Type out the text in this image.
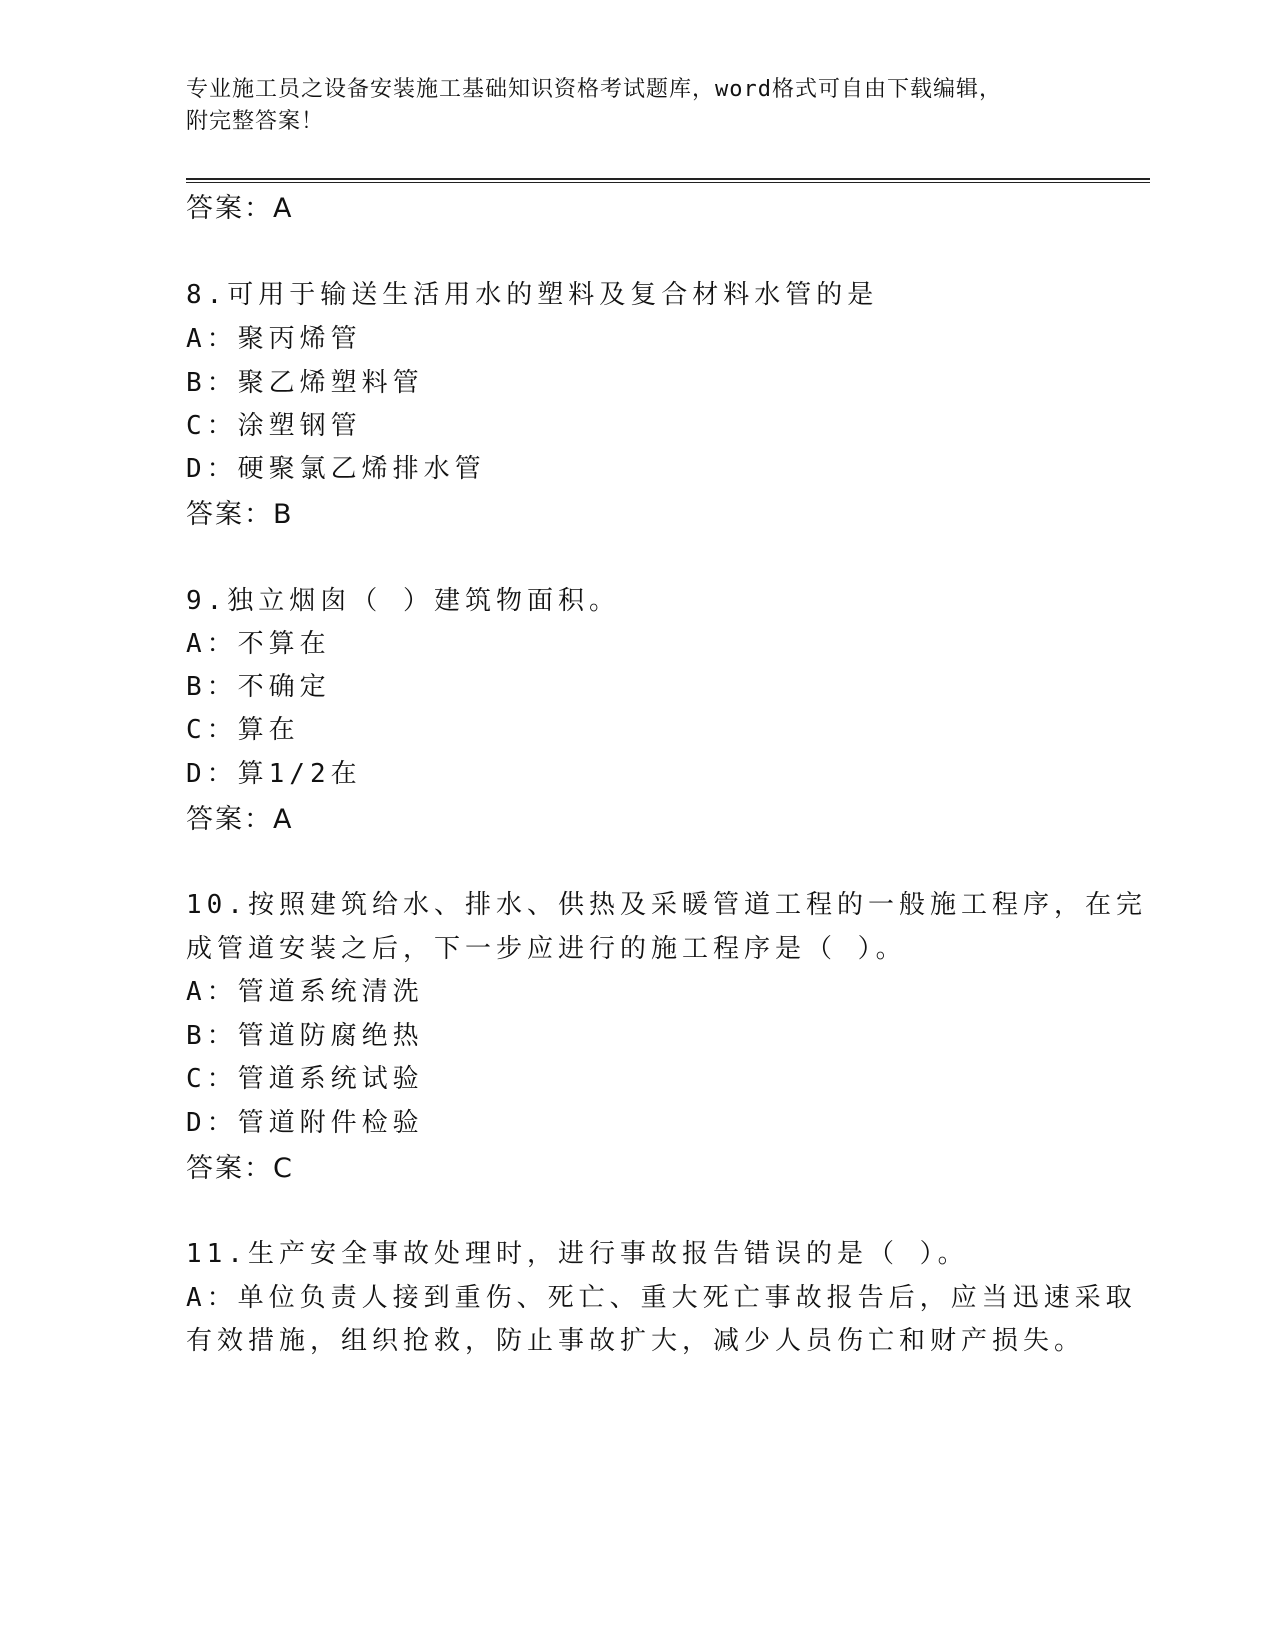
专业施工员之设备安装施工基础知识资格考试题库，word格式可自由下载编辑，
附完整答案！
答案：A
8.可用于输送生活用水的塑料及复合材料水管的是
A：聚丙烯管
B：聚乙烯塑料管
C：涂塑钢管
D：硬聚氯乙烯排水管
答案：B
9.独立烟囱（ ）建筑物面积。
A：不算在
B：不确定
C：算在
D：算1/2在
答案：A
10.按照建筑给水、排水、供热及采暖管道工程的一般施工程序，在完
成管道安装之后，下一步应进行的施工程序是（ ）。
A：管道系统清洗
B：管道防腐绝热
C：管道系统试验
D：管道附件检验
答案：C
11.生产安全事故处理时，进行事故报告错误的是（ ）。
A：单位负责人接到重伤、死亡、重大死亡事故报告后，应当迅速采取
有效措施，组织抢救，防止事故扩大，减少人员伤亡和财产损失。
